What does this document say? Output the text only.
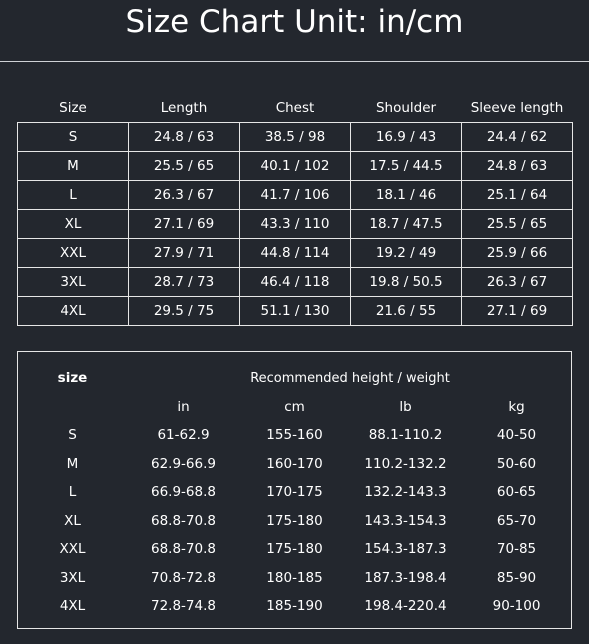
Size Chart Unit: in/cm
Size	Length	Chest	Shoulder	Sleeve length
S	24.8 / 63	38.5 / 98	16.9 / 43	24.4 / 62
M	25.5 / 65	40.1 / 102	17.5 / 44.5	24.8 / 63
L	26.3 / 67	41.7 / 106	18.1 / 46	25.1 / 64
XL	27.1 / 69	43.3 / 110	18.7 / 47.5	25.5 / 65
XXL	27.9 / 71	44.8 / 114	19.2 / 49	25.9 / 66
3XL	28.7 / 73	46.4 / 118	19.8 / 50.5	26.3 / 67
4XL	29.5 / 75	51.1 / 130	21.6 / 55	27.1 / 69
size	Recommended height / weight			
	in	cm	lb	kg
S	61-62.9	155-160	88.1-110.2	40-50
M	62.9-66.9	160-170	110.2-132.2	50-60
L	66.9-68.8	170-175	132.2-143.3	60-65
XL	68.8-70.8	175-180	143.3-154.3	65-70
XXL	68.8-70.8	175-180	154.3-187.3	70-85
3XL	70.8-72.8	180-185	187.3-198.4	85-90
4XL	72.8-74.8	185-190	198.4-220.4	90-100
